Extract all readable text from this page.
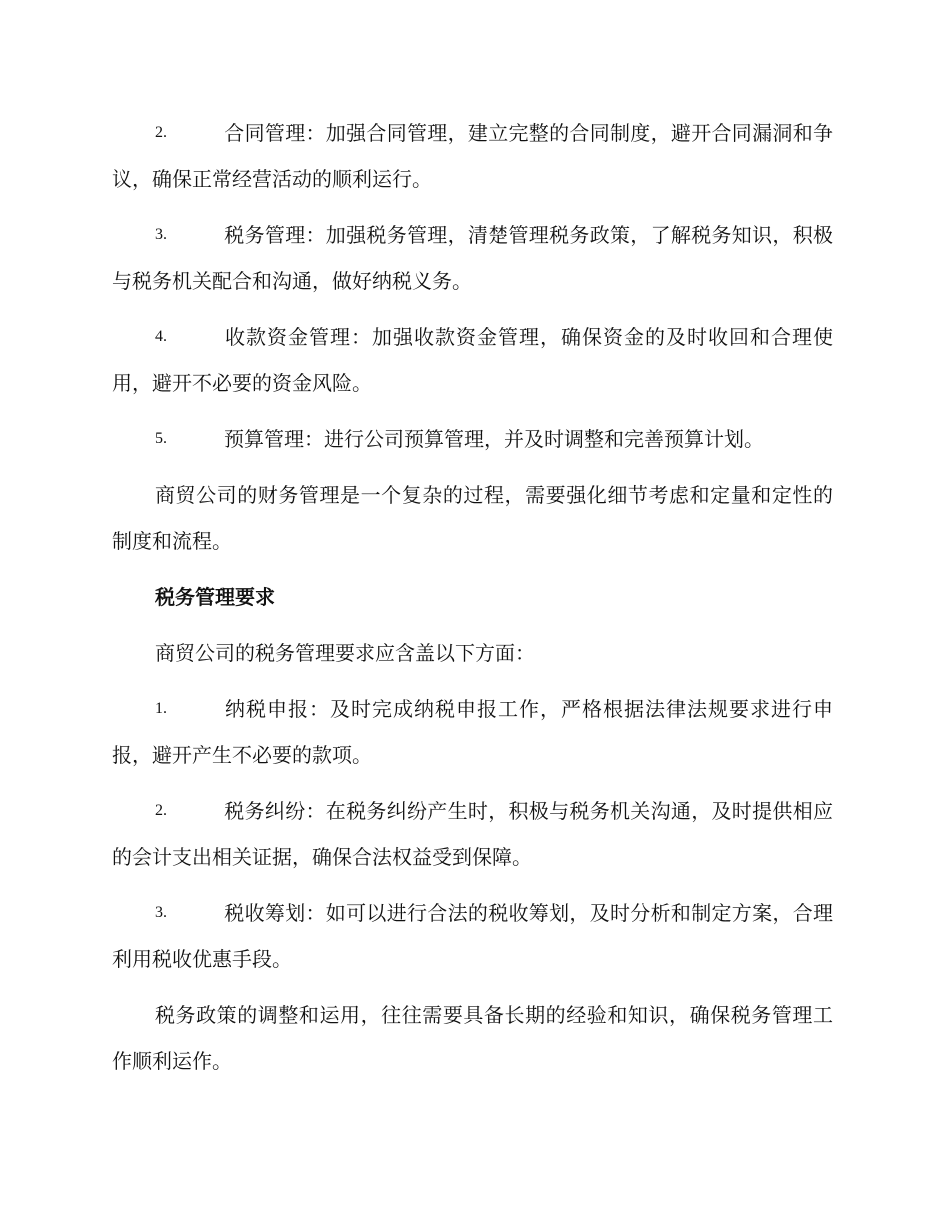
2.	合同管理：加强合同管理，建立完整的合同制度，避开合同漏洞和争议，确保正常经营活动的顺利运行。
3.	税务管理：加强税务管理，清楚管理税务政策，了解税务知识，积极与税务机关配合和沟通，做好纳税义务。
4.	收款资金管理：加强收款资金管理，确保资金的及时收回和合理使用，避开不必要的资金风险。
5.	预算管理：进行公司预算管理，并及时调整和完善预算计划。

商贸公司的财务管理是一个复杂的过程，需要强化细节考虑和定量和定性的制度和流程。

税务管理要求

商贸公司的税务管理要求应含盖以下方面：

1.	纳税申报：及时完成纳税申报工作，严格根据法律法规要求进行申报，避开产生不必要的款项。
2.	税务纠纷：在税务纠纷产生时，积极与税务机关沟通，及时提供相应的会计支出相关证据，确保合法权益受到保障。
3.	税收筹划：如可以进行合法的税收筹划，及时分析和制定方案，合理利用税收优惠手段。

税务政策的调整和运用，往往需要具备长期的经验和知识，确保税务管理工作顺利运作。
